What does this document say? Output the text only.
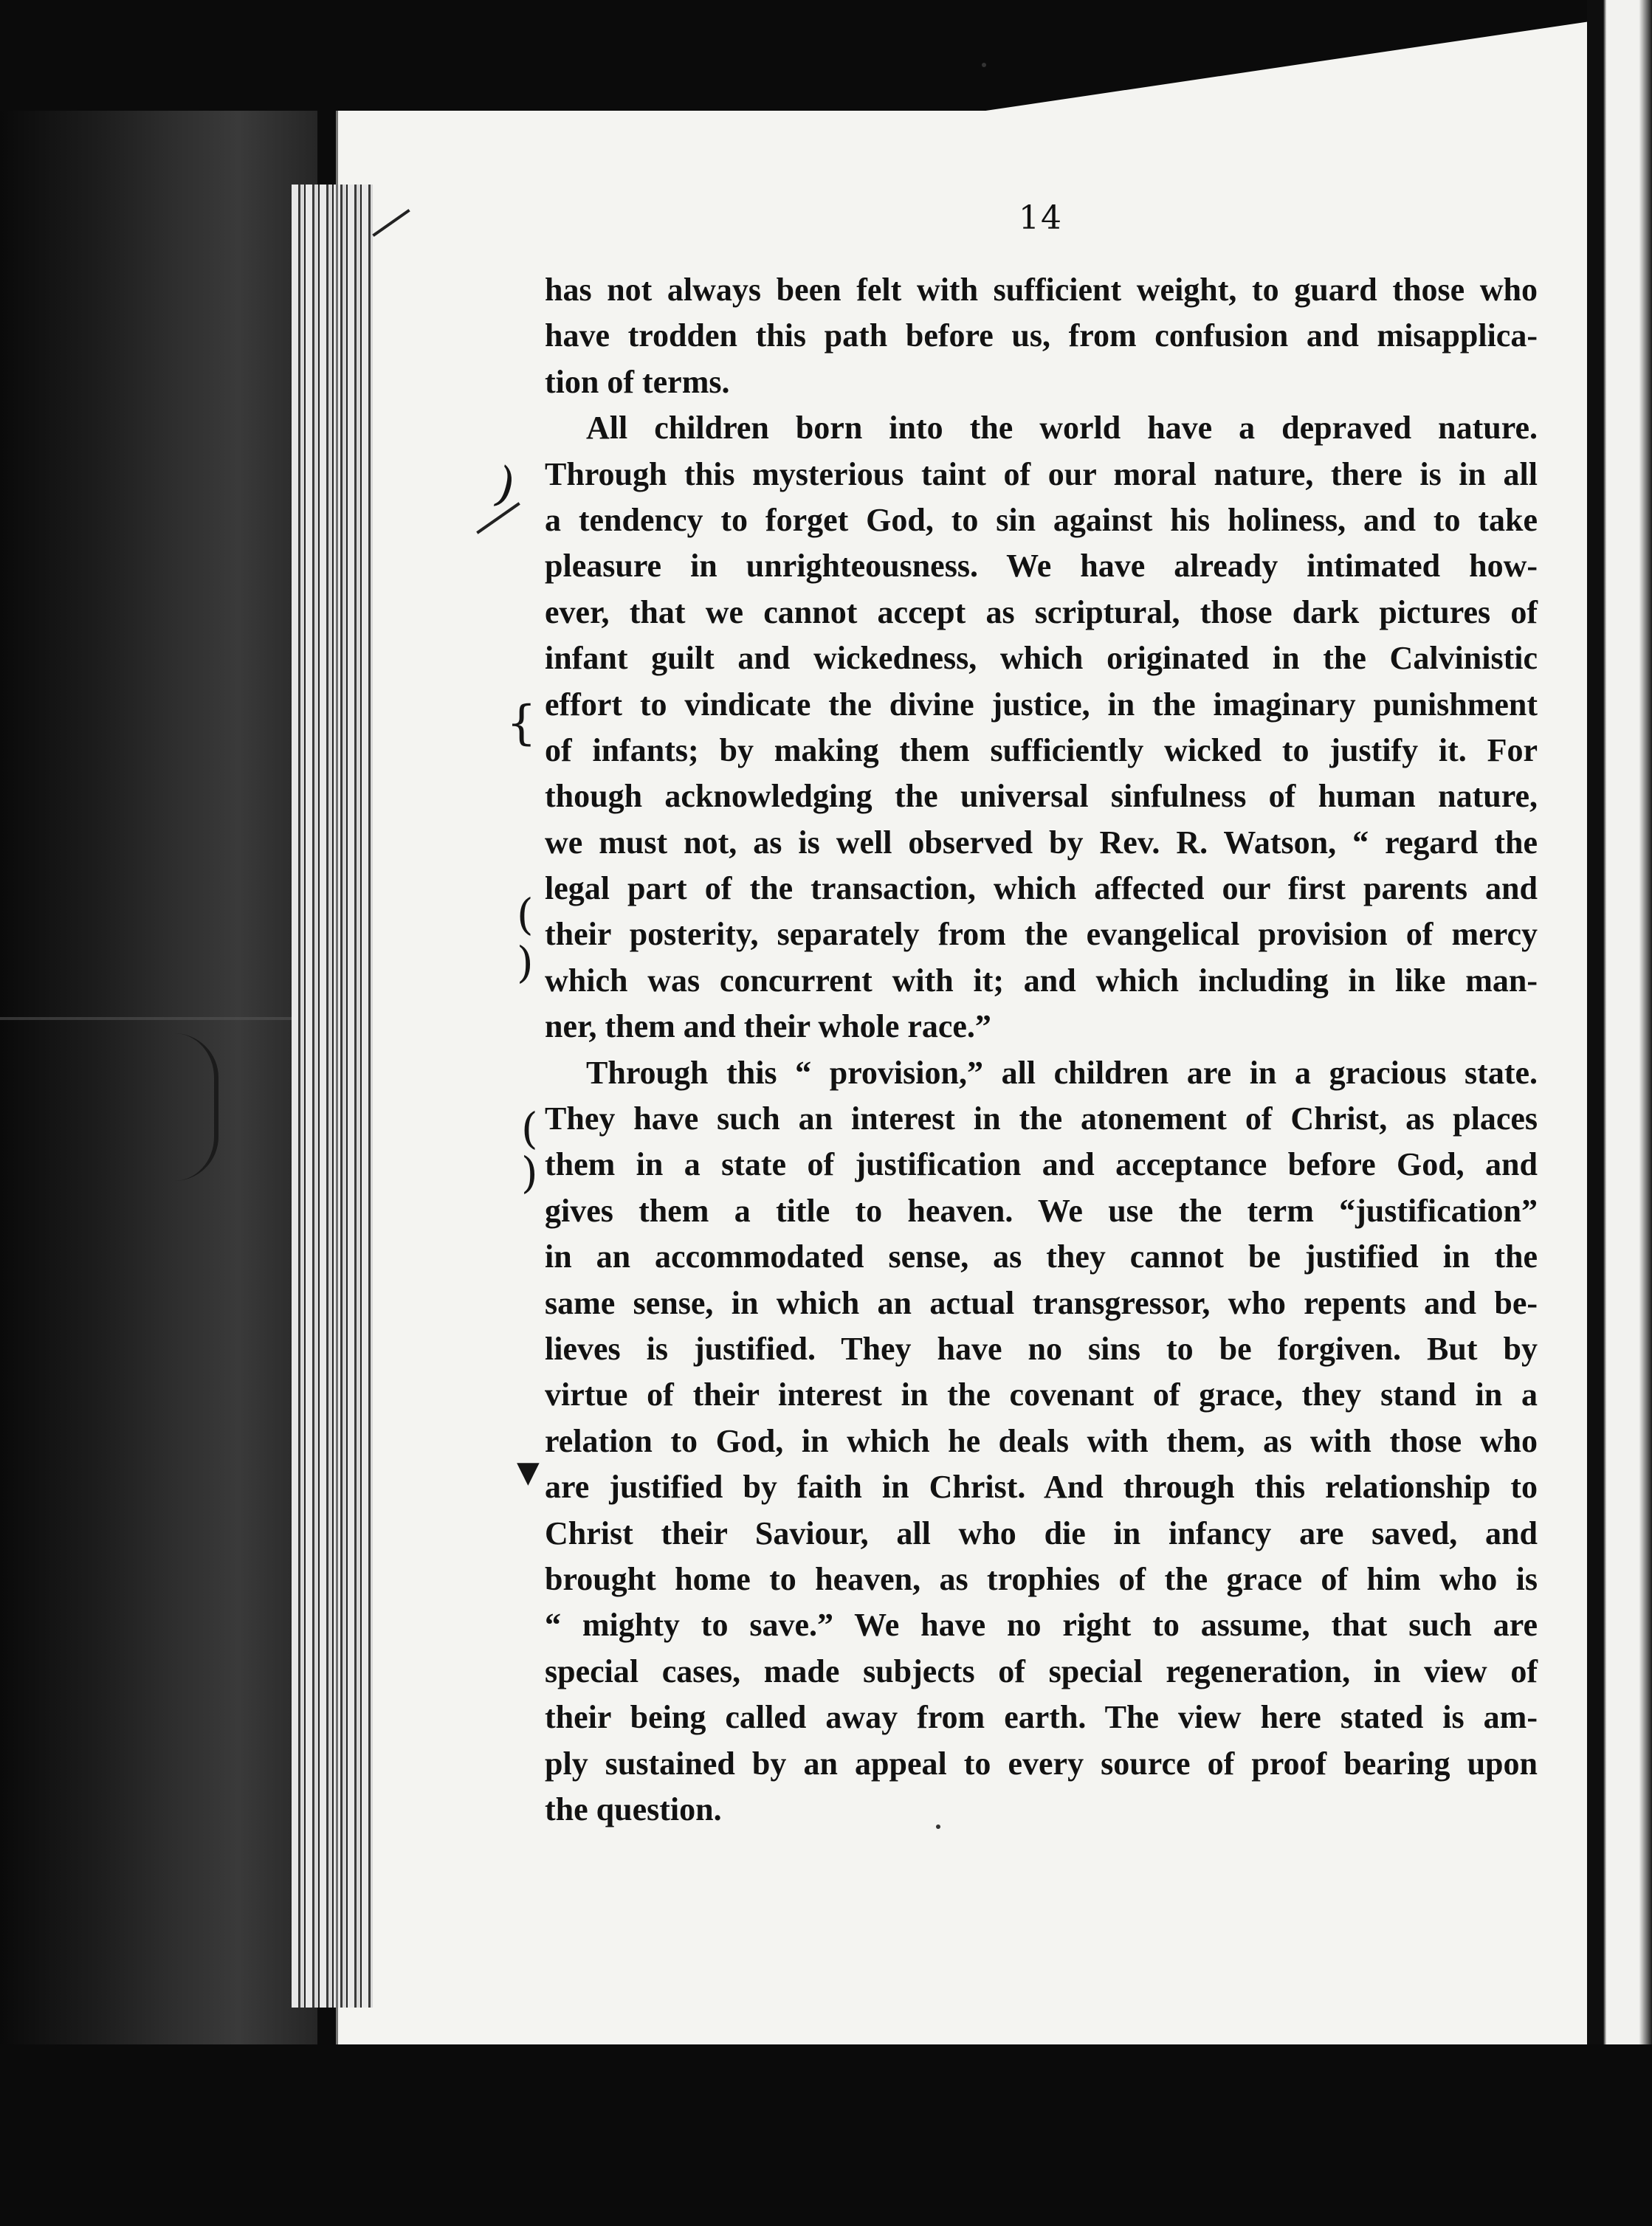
14
)
{
(
)
(
)
▼
has not always been felt with sufficient weight, to guard those who
have trodden this path before us, from confusion and misapplica-
tion of terms.
All children born into the world have a depraved nature.
Through this mysterious taint of our moral nature, there is in all
a tendency to forget God, to sin against his holiness, and to take
pleasure in unrighteousness. We have already intimated how-
ever, that we cannot accept as scriptural, those dark pictures of
infant guilt and wickedness, which originated in the Calvinistic
effort to vindicate the divine justice, in the imaginary punishment
of infants; by making them sufficiently wicked to justify it. For
though acknowledging the universal sinfulness of human nature,
we must not, as is well observed by Rev. R. Watson, “ regard the
legal part of the transaction, which affected our first parents and
their posterity, separately from the evangelical provision of mercy
which was concurrent with it; and which including in like man-
ner, them and their whole race.”
Through this “ provision,” all children are in a gracious state.
They have such an interest in the atonement of Christ, as places
them in a state of justification and acceptance before God, and
gives them a title to heaven. We use the term “justification”
in an accommodated sense, as they cannot be justified in the
same sense, in which an actual transgressor, who repents and be-
lieves is justified. They have no sins to be forgiven. But by
virtue of their interest in the covenant of grace, they stand in a
relation to God, in which he deals with them, as with those who
are justified by faith in Christ. And through this relationship to
Christ their Saviour, all who die in infancy are saved, and
brought home to heaven, as trophies of the grace of him who is
“ mighty to save.” We have no right to assume, that such are
special cases, made subjects of special regeneration, in view of
their being called away from earth. The view here stated is am-
ply sustained by an appeal to every source of proof bearing upon
the question.
